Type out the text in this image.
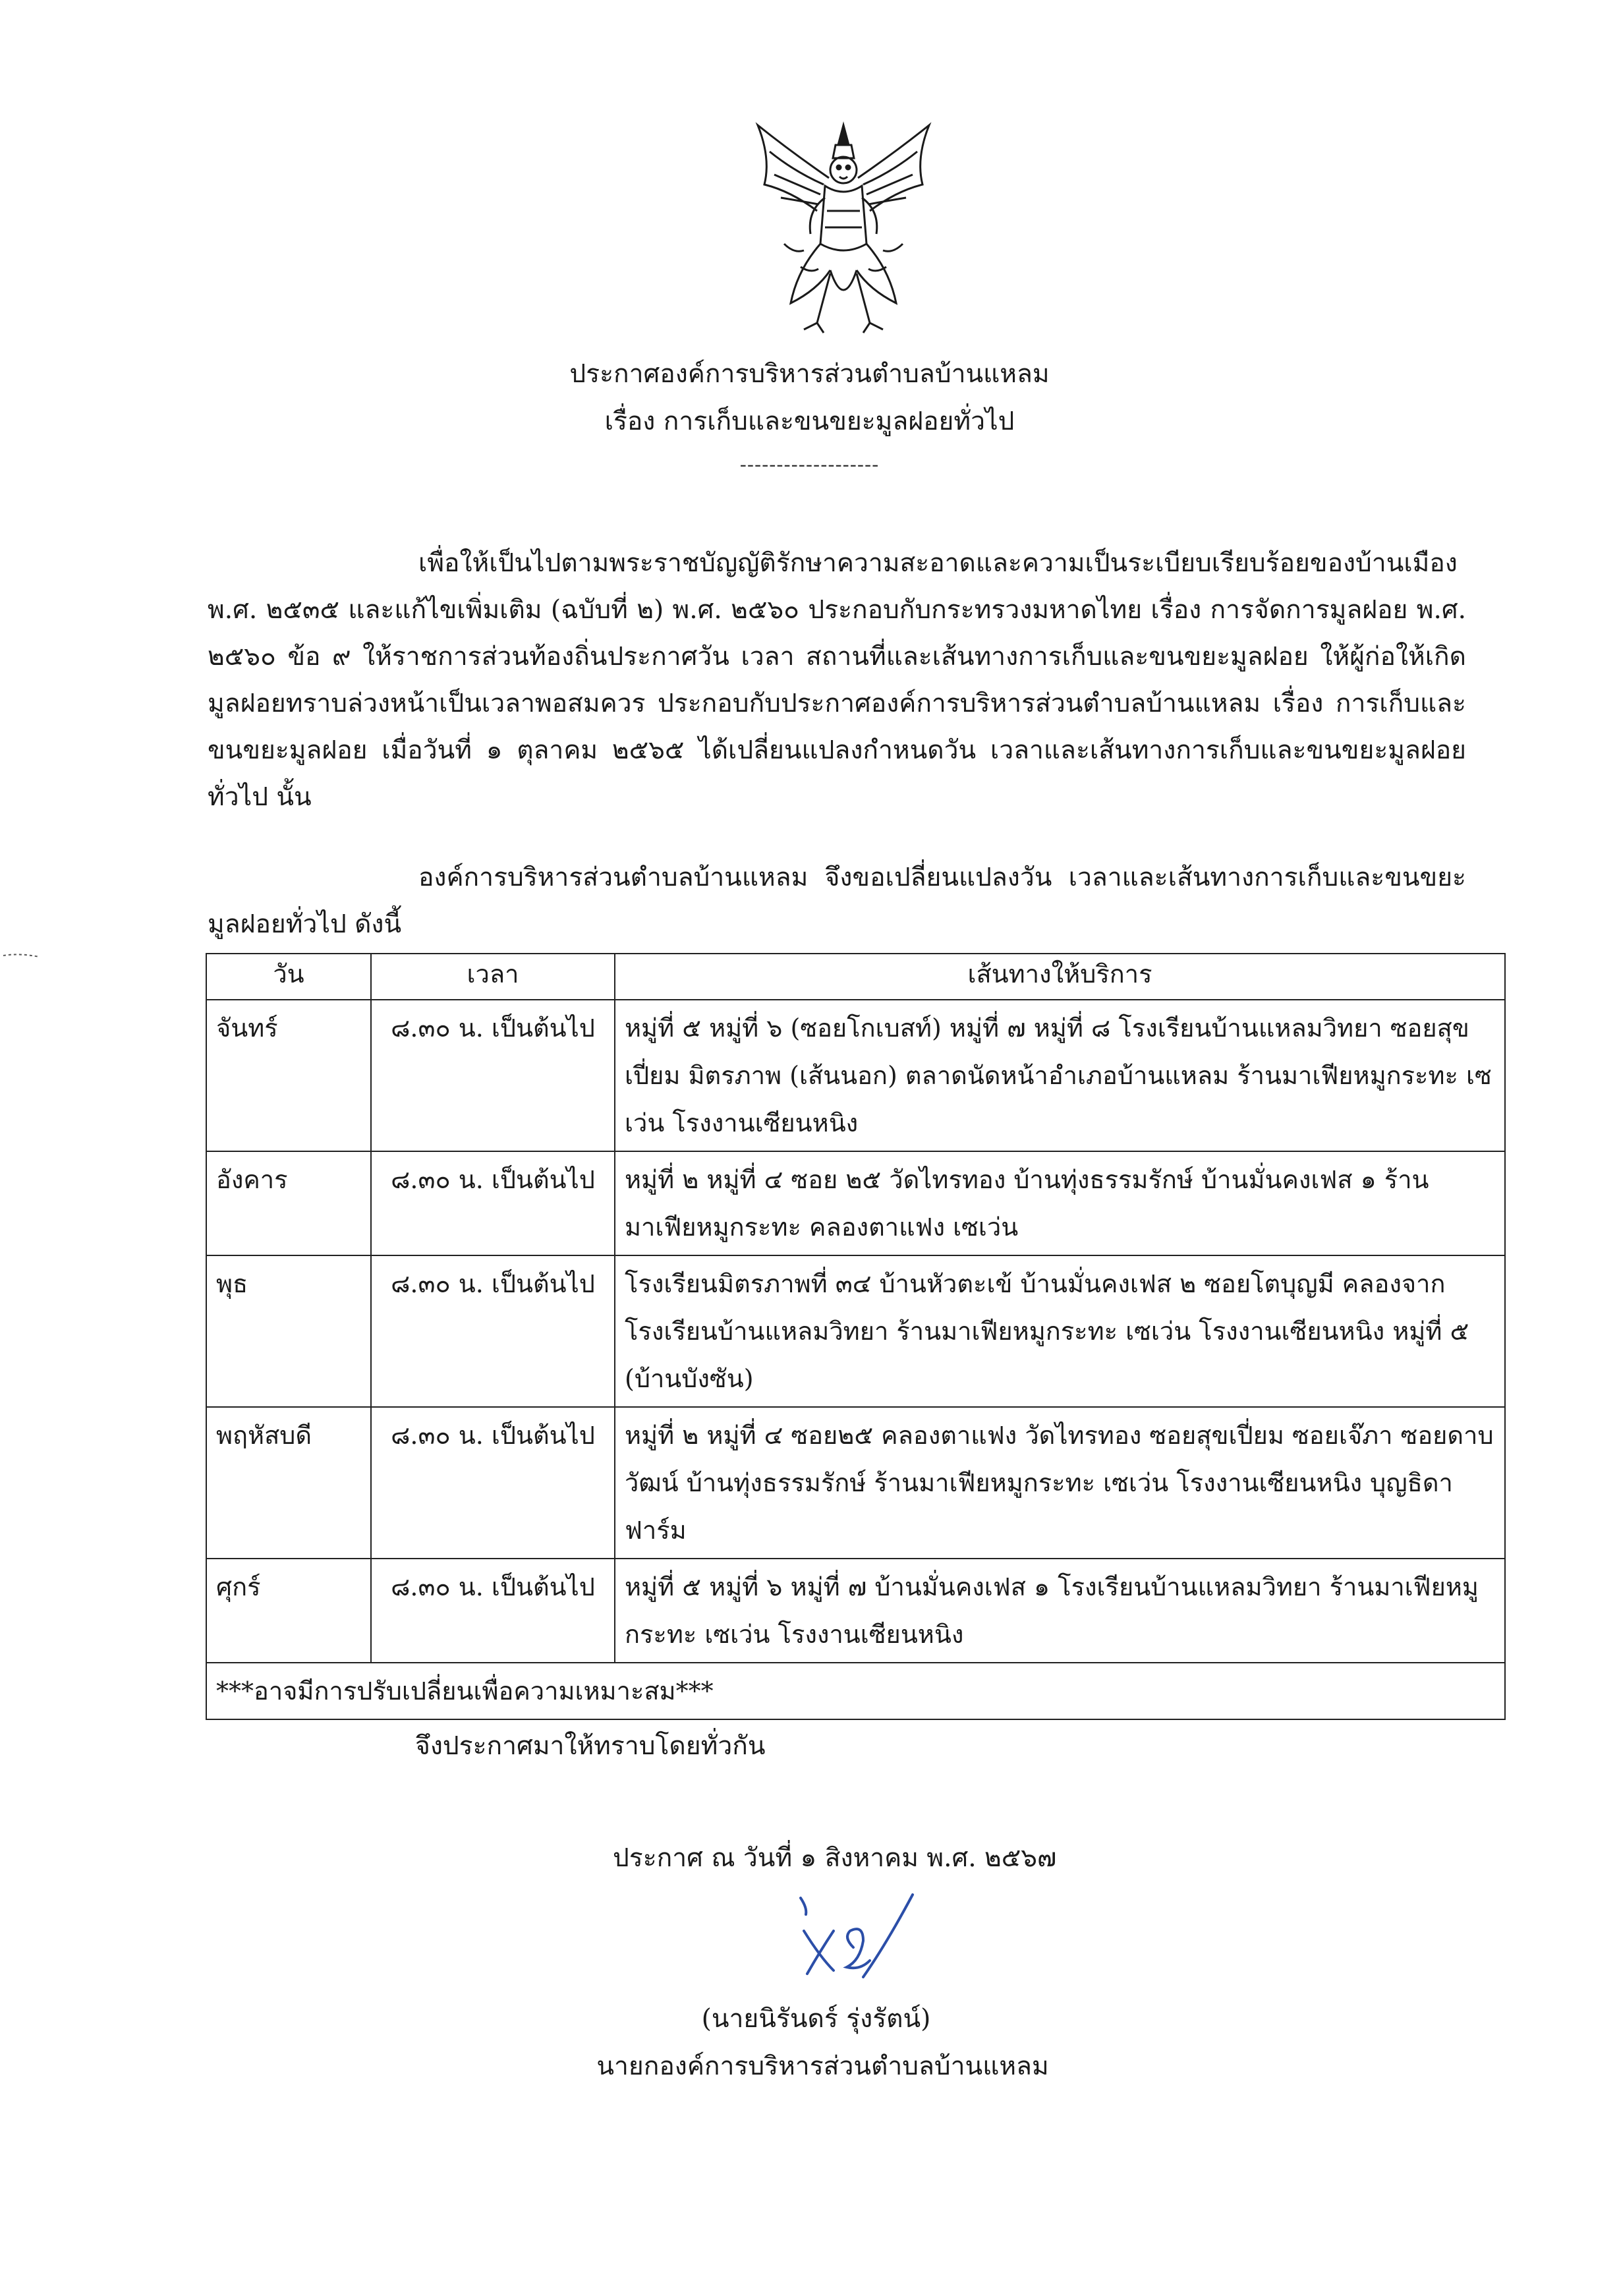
ประกาศองค์การบริหารส่วนตำบลบ้านแหลม
เรื่อง การเก็บและขนขยะมูลฝอยทั่วไป
-------------------

เพื่อให้เป็นไปตามพระราชบัญญัติรักษาความสะอาดและความเป็นระเบียบเรียบร้อยของบ้านเมือง พ.ศ. ๒๕๓๕ และแก้ไขเพิ่มเติม (ฉบับที่ ๒) พ.ศ. ๒๕๖๐ ประกอบกับกระทรวงมหาดไทย เรื่อง การจัดการมูลฝอย พ.ศ. ๒๕๖๐ ข้อ ๙ ให้ราชการส่วนท้องถิ่นประกาศวัน เวลา สถานที่และเส้นทางการเก็บและขนขยะมูลฝอย ให้ผู้ก่อให้เกิดมูลฝอยทราบล่วงหน้าเป็นเวลาพอสมควร ประกอบกับประกาศองค์การบริหารส่วนตำบลบ้านแหลม เรื่อง การเก็บและขนขยะมูลฝอย เมื่อวันที่ ๑ ตุลาคม ๒๕๖๕ ได้เปลี่ยนแปลงกำหนดวัน เวลาและเส้นทางการเก็บและขนขยะมูลฝอยทั่วไป นั้น

องค์การบริหารส่วนตำบลบ้านแหลม จึงขอเปลี่ยนแปลงวัน เวลาและเส้นทางการเก็บและขนขยะมูลฝอยทั่วไป ดังนี้

วัน	เวลา	เส้นทางให้บริการ
จันทร์	๘.๓๐ น. เป็นต้นไป	หมู่ที่ ๕ หมู่ที่ ๖ (ซอยโกเบสท์) หมู่ที่ ๗ หมู่ที่ ๘ โรงเรียนบ้านแหลมวิทยา ซอยสุขเปี่ยม มิตรภาพ (เส้นนอก) ตลาดนัดหน้าอำเภอบ้านแหลม ร้านมาเฟียหมูกระทะ เซเว่น โรงงานเซียนหนิง
อังคาร	๘.๓๐ น. เป็นต้นไป	หมู่ที่ ๒ หมู่ที่ ๔ ซอย ๒๕ วัดไทรทอง บ้านทุ่งธรรมรักษ์ บ้านมั่นคงเฟส ๑ ร้านมาเฟียหมูกระทะ คลองตาแฟง เซเว่น
พุธ	๘.๓๐ น. เป็นต้นไป	โรงเรียนมิตรภาพที่ ๓๔ บ้านหัวตะเข้ บ้านมั่นคงเฟส ๒ ซอยโตบุญมี คลองจาก โรงเรียนบ้านแหลมวิทยา ร้านมาเฟียหมูกระทะ เซเว่น โรงงานเซียนหนิง หมู่ที่ ๕ (บ้านบังซัน)
พฤหัสบดี	๘.๓๐ น. เป็นต้นไป	หมู่ที่ ๒ หมู่ที่ ๔ ซอย๒๕ คลองตาแฟง วัดไทรทอง ซอยสุขเปี่ยม ซอยเจ๊ภา ซอยดาบวัฒน์ บ้านทุ่งธรรมรักษ์ ร้านมาเฟียหมูกระทะ เซเว่น โรงงานเซียนหนิง บุญธิดาฟาร์ม
ศุกร์	๘.๓๐ น. เป็นต้นไป	หมู่ที่ ๕ หมู่ที่ ๖ หมู่ที่ ๗ บ้านมั่นคงเฟส ๑ โรงเรียนบ้านแหลมวิทยา ร้านมาเฟียหมูกระทะ เซเว่น โรงงานเซียนหนิง
***อาจมีการปรับเปลี่ยนเพื่อความเหมาะสม***		
จึงประกาศมาให้ทราบโดยทั่วกัน
ประกาศ ณ วันที่ ๑ สิงหาคม พ.ศ. ๒๕๖๗
(นายนิรันดร์ รุ่งรัตน์)
นายกองค์การบริหารส่วนตำบลบ้านแหลม
